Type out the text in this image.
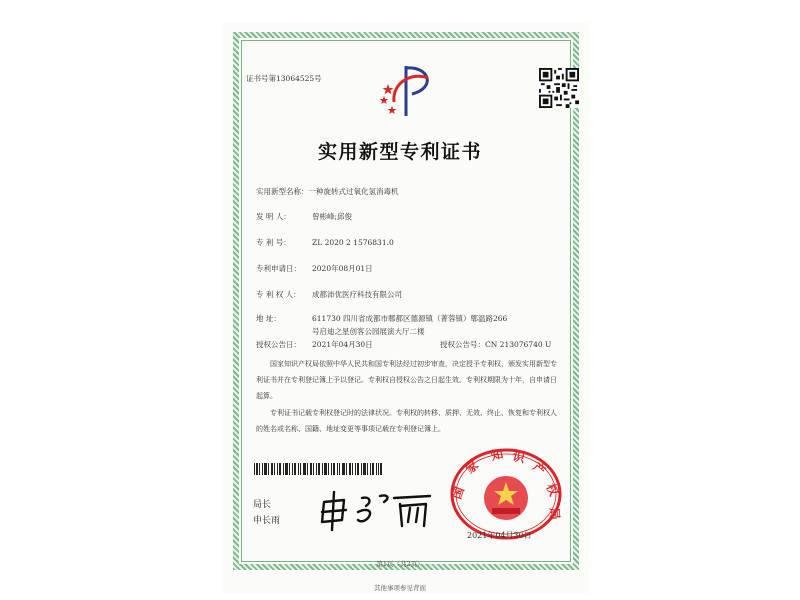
证书号第13064525号
实用新型专利证书
实用新型名称：一种旋转式过氧化氢消毒机
发 明 人：	曾彬峰;邱俊
专 利 号：	ZL 2020 2 1576831.0
专利申请日： 2020年08月01日
专 利 权 人： 成都沛优医疗科技有限公司
地 址：	611730 四川省成都市郫都区德源镇（菁蓉镇）郫温路266
号启迪之星创客公园展演大厅二楼
授权公告日： 2021年04月30日	授权公告号：CN 213076740 U
国家知识产权局依照中华人民共和国专利法经过初步审查，决定授予专利权，颁发实用新型专利证书并在专利登记簿上予以登记。专利权自授权公告之日起生效。专利权期限为十年，自申请日起算。
专利证书记载专利权登记时的法律状况。专利权的转移、质押、无效、终止、恢复和专利权人的姓名或名称、国籍、地址变更等事项记载在专利登记簿上。
局长
申长雨
国
家
知 识
产
权
局
2021年04月30日
第1页（共2页）
其他事项参见背面
